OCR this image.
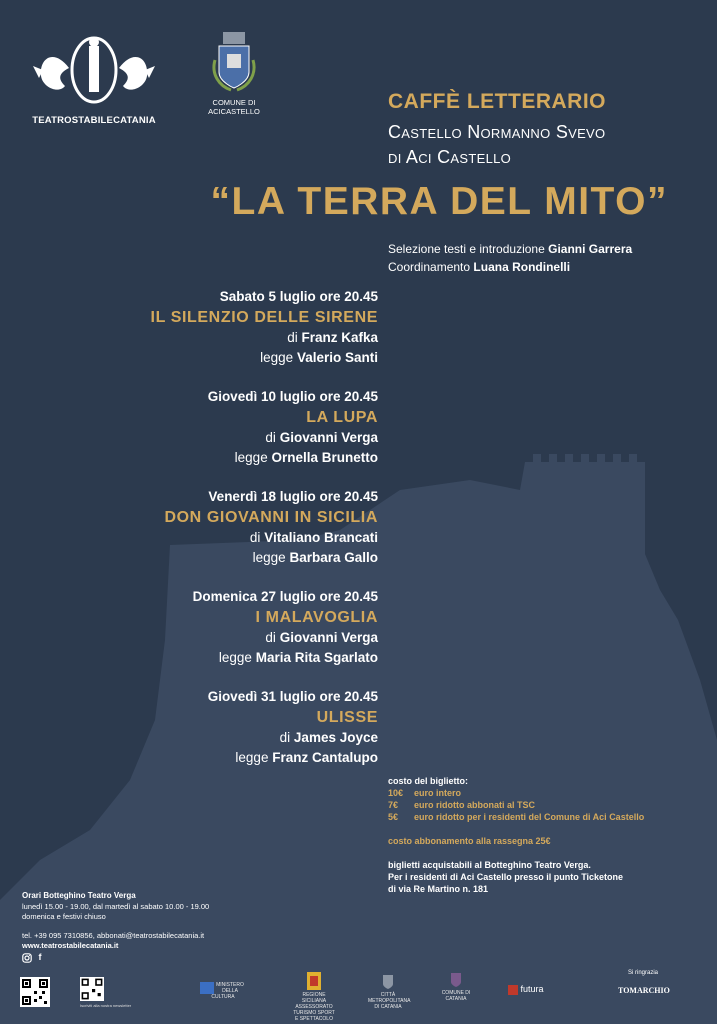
TEATROSTABILECATANIA
COMUNE DI
ACICASTELLO	CAFFÈ LETTERARIO
Castello Normanno Svevo
di Aci Castello
“LA TERRA DEL MITO”
Selezione testi e introduzione Gianni Garrera
Coordinamento Luana Rondinelli
Sabato 5 luglio ore 20.45
IL SILENZIO DELLE SIRENE
di Franz Kafka
legge Valerio Santi
Giovedì 10 luglio ore 20.45
LA LUPA
di Giovanni Verga
legge Ornella Brunetto
Venerdì 18 luglio ore 20.45
DON GIOVANNI IN SICILIA
di Vitaliano Brancati
legge Barbara Gallo
Domenica 27 luglio ore 20.45
I MALAVOGLIA
di Giovanni Verga
legge Maria Rita Sgarlato
Giovedì 31 luglio ore 20.45
ULISSE
di James Joyce
legge Franz Cantalupo
costo del biglietto:
10€ euro intero
7€ euro ridotto abbonati al TSC
5€ euro ridotto per i residenti del Comune di Aci Castello
costo abbonamento alla rassegna 25€
biglietti acquistabili al Botteghino Teatro Verga.
Per i residenti di Aci Castello presso il punto Ticketone
di via Re Martino n. 181
Orari Botteghino Teatro Verga
lunedì 15.00 - 19.00, dal martedì al sabato 10.00 - 19.00
domenica e festivi chiuso
tel. +39 095 7310856, abbonati@teatrostabilecatania.it
www.teatrostabilecatania.it
f
Iscriviti alla nostra newsletter
MINISTERO DELLA CULTURA	REGIONE SICILIANA ASSESSORATO TURISMO SPORT E SPETTACOLO
CITTÀ METROPOLITANA DI CATANIA
COMUNE DI CATANIA
futura
Si ringrazia
TOMARCHIO
